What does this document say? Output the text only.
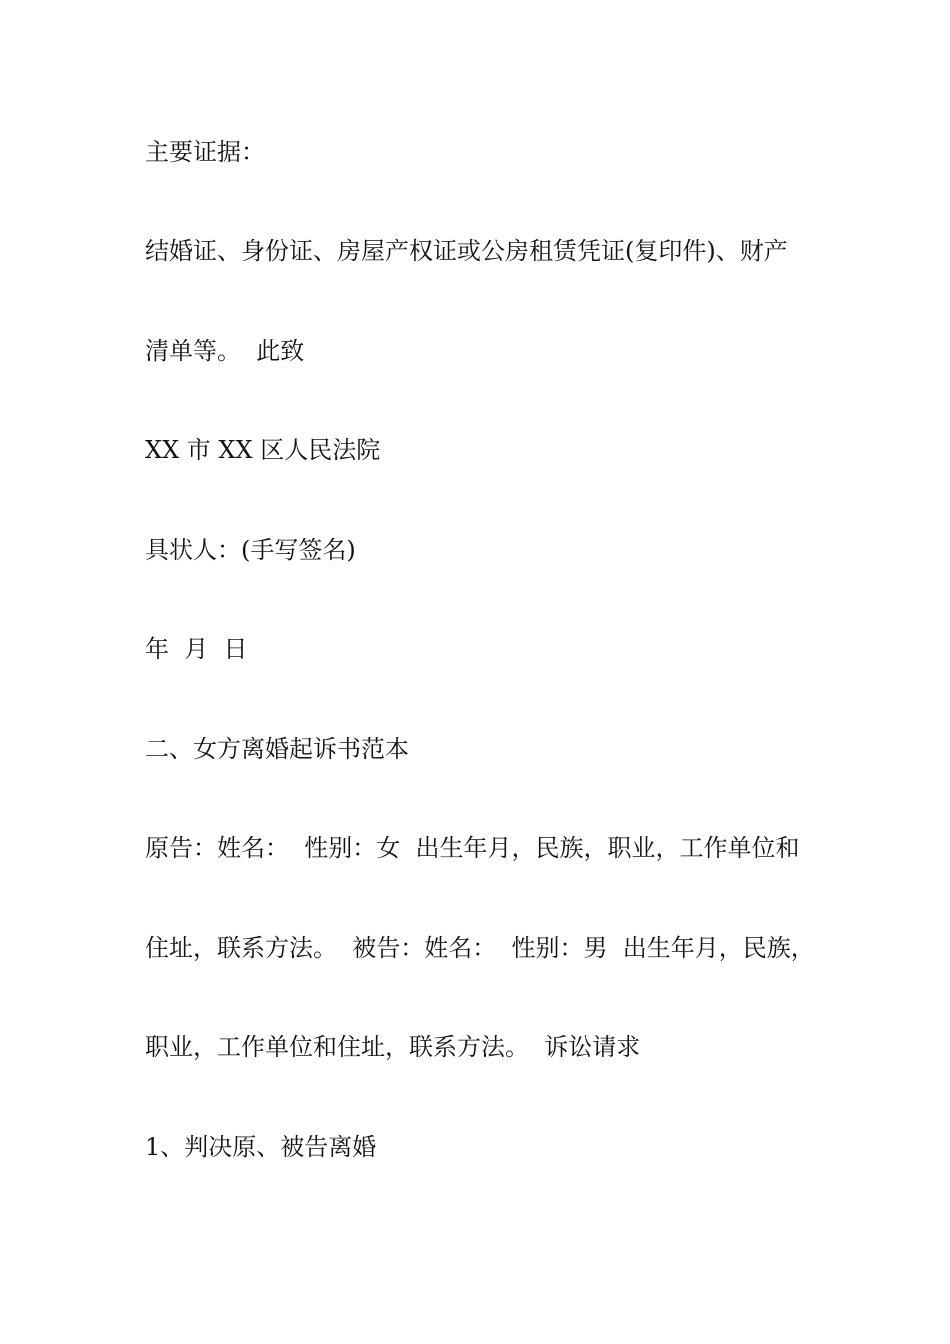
主要证据：
结婚证、身份证、房屋产权证或公房租赁凭证(复印件)、财产
清单等。  此致
XX 市 XX 区人民法院
具状人：(手写签名)
年  月  日
二、女方离婚起诉书范本
原告：姓名：  性别：女  出生年月，民族，职业，工作单位和
住址，联系方法。  被告：姓名：  性别：男  出生年月，民族，
职业，工作单位和住址，联系方法。  诉讼请求
1、判决原、被告离婚
